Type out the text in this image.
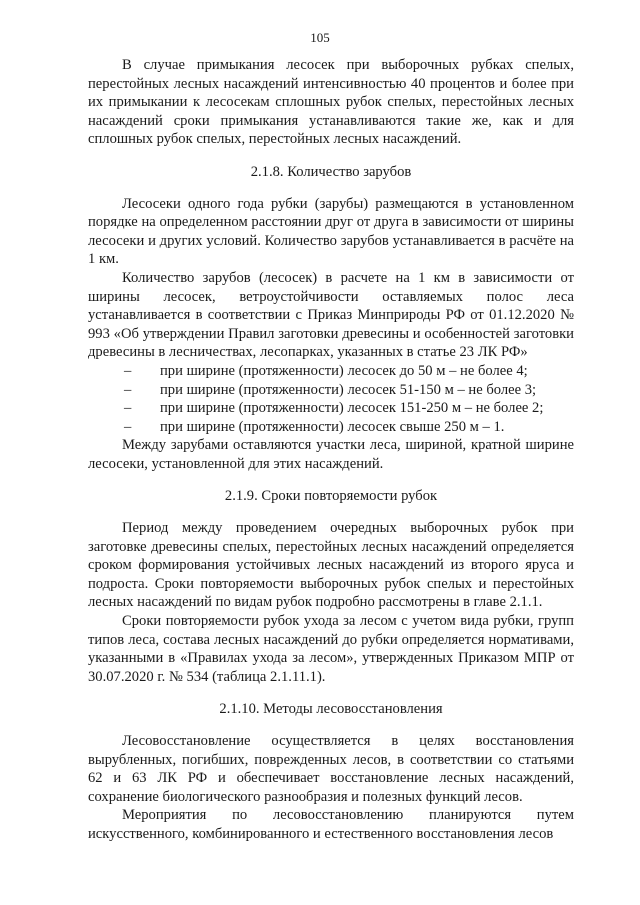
105

В случае примыкания лесосек при выборочных рубках спелых, перестойных лесных насаждений интенсивностью 40 процентов и более при их примыкании к лесосекам сплошных рубок спелых, перестойных лесных насаждений сроки примыкания устанавливаются такие же, как и для сплошных рубок спелых, перестойных лесных насаждений.

2.1.8. Количество зарубов

Лесосеки одного года рубки (зарубы) размещаются в установленном порядке на определенном расстоянии друг от друга в зависимости от ширины лесосеки и других условий. Количество зарубов устанавливается в расчёте на 1 км.

Количество зарубов (лесосек) в расчете на 1 км в зависимости от ширины лесосек, ветроустойчивости оставляемых полос леса устанавливается в соответствии с Приказ Минприроды РФ от 01.12.2020 № 993 «Об утверждении Правил заготовки древесины и особенностей заготовки древесины в лесничествах, лесопарках, указанных в статье 23 ЛК РФ»

– при ширине (протяженности) лесосек до 50 м – не более 4;
– при ширине (протяженности) лесосек 51-150 м – не более 3;
– при ширине (протяженности) лесосек 151-250 м – не более 2;
– при ширине (протяженности) лесосек свыше 250 м – 1.

Между зарубами оставляются участки леса, шириной, кратной ширине лесосеки, установленной для этих насаждений.

2.1.9. Сроки повторяемости рубок

Период между проведением очередных выборочных рубок при заготовке древесины спелых, перестойных лесных насаждений определяется сроком формирования устойчивых леcных насаждений из второго яруса и подроста. Сроки повторяемости выборочных рубок спелых и перестойных лесных насаждений по видам рубок подробно рассмотрены в главе 2.1.1.

Сроки повторяемости рубок ухода за лесом с учетом вида рубки, групп типов леса, состава лесных насаждений до рубки определяется нормативами, указанными в «Правилах ухода за лесом», утвержденных Приказом МПР от 30.07.2020 г. № 534 (таблица 2.1.11.1).

2.1.10. Методы лесовосстановления

Лесовосстановление осуществляется в целях восстановления вырубленных, погибших, поврежденных лесов, в соответствии со статьями 62 и 63 ЛК РФ и обеспечивает восстановление лесных насаждений, сохранение биологического разнообразия и полезных функций лесов.

Мероприятия по лесовосстановлению планируются путем искусственного, комбинированного и естественного восстановления лесов
